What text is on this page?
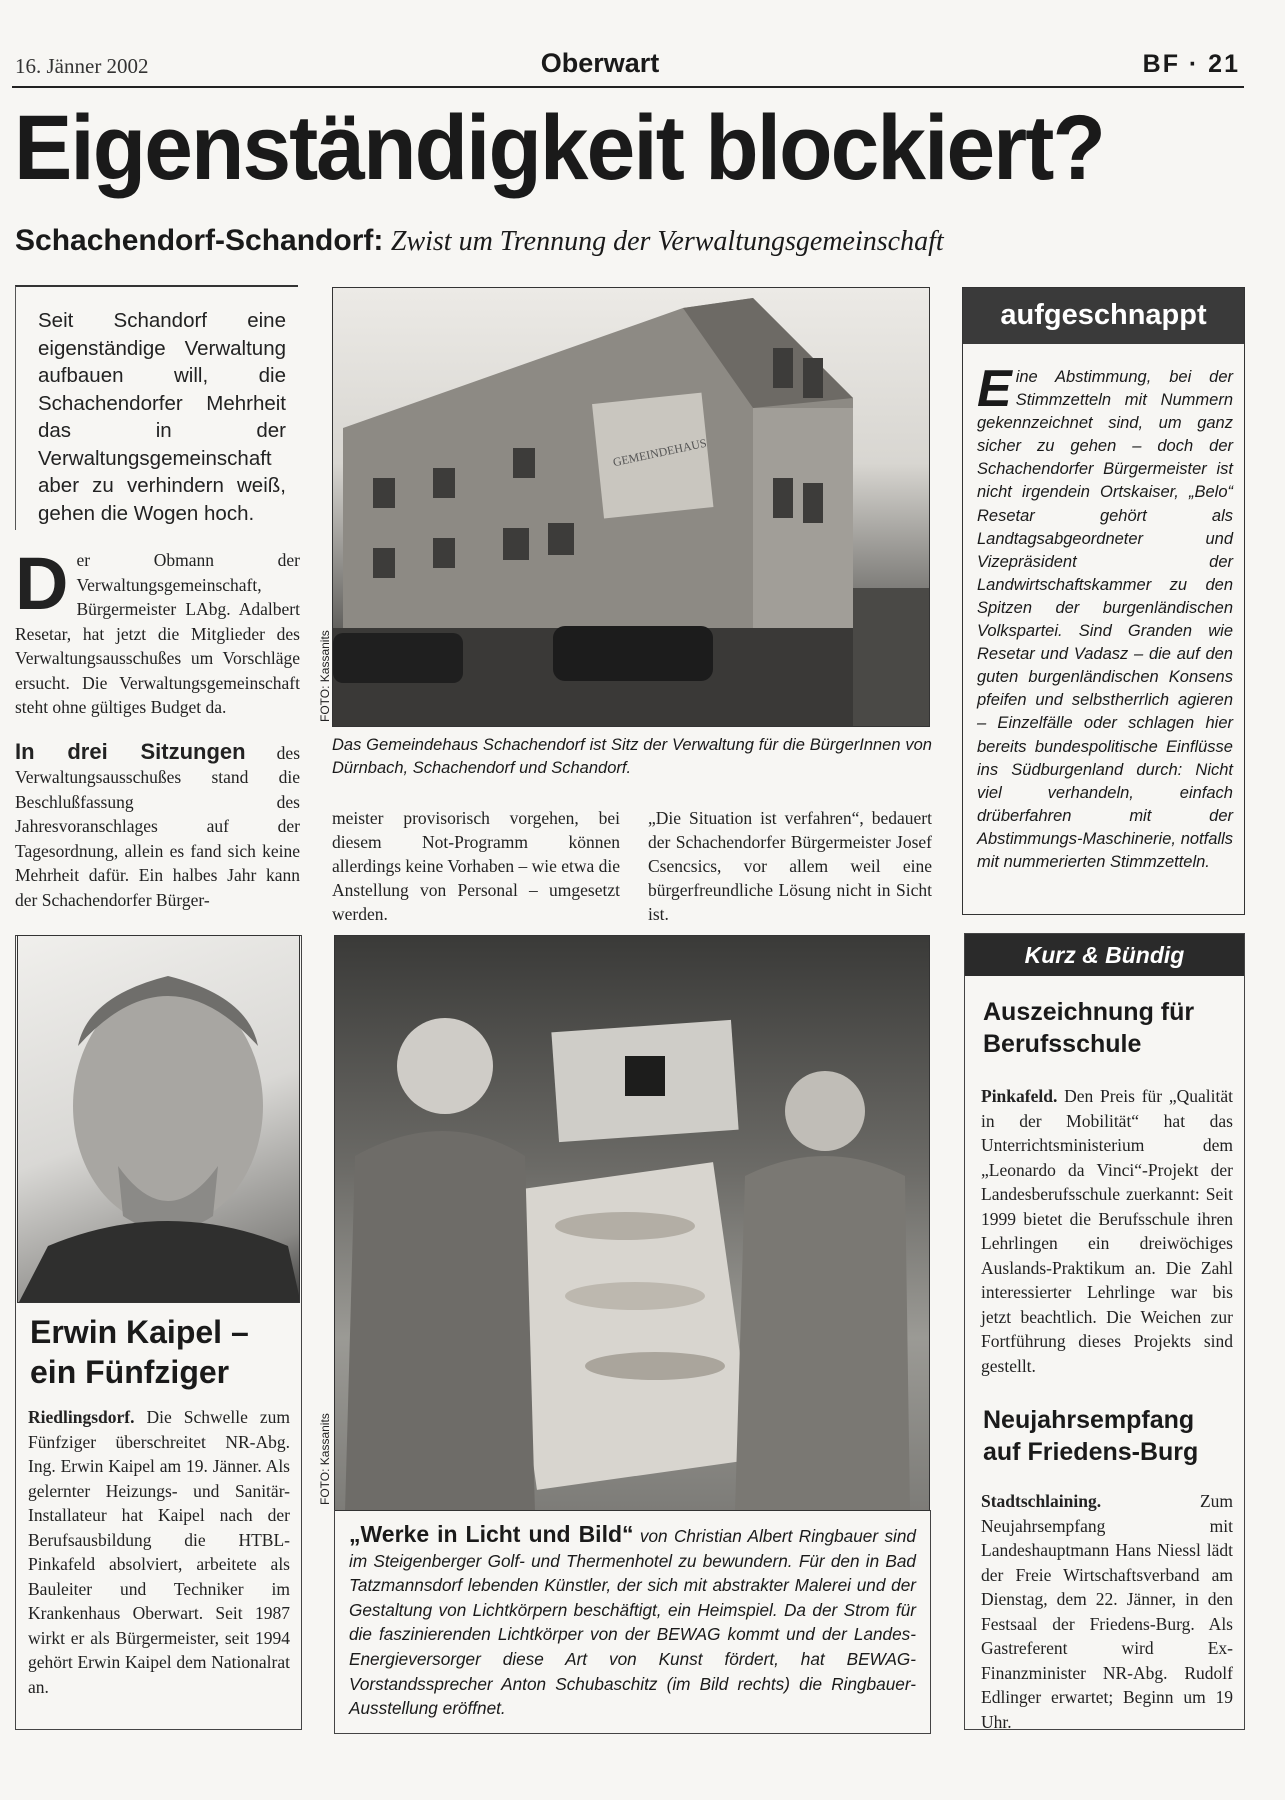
16. Jänner 2002	Oberwart	BF · 21
Eigenständigkeit blockiert?
Schachendorf-Schandorf: Zwist um Trennung der Verwaltungsgemeinschaft
Seit Schandorf eine eigenständige Verwaltung aufbauen will, die Schachendorfer Mehrheit das in der Verwaltungsgemeinschaft aber zu verhindern weiß, gehen die Wogen hoch.

Der Obmann der Verwaltungsgemeinschaft, Bürgermeister LAbg. Adalbert Resetar, hat jetzt die Mitglieder des Verwaltungsausschußes um Vorschläge ersucht. Die Verwaltungsgemeinschaft steht ohne gültiges Budget da.

In drei Sitzungen des Verwaltungsausschußes stand die Beschlußfassung des Jahresvoranschlages auf der Tagesordnung, allein es fand sich keine Mehrheit dafür. Ein halbes Jahr kann der Schachendorfer Bürger-

GEMEINDEHAUS
FOTO: Kassanits
Das Gemeindehaus Schachendorf ist Sitz der Verwaltung für die BürgerInnen von Dürnbach, Schachendorf und Schandorf.
meister provisorisch vorgehen, bei diesem Not-Programm können allerdings keine Vorhaben – wie etwa die Anstellung von Personal – umgesetzt werden.
„Die Situation ist verfahren“, bedauert der Schachendorfer Bürgermeister Josef Csencsics, vor allem weil eine bürgerfreundliche Lösung nicht in Sicht ist.
aufgeschnappt
Eine Abstimmung, bei der Stimmzetteln mit Nummern gekennzeichnet sind, um ganz sicher zu gehen – doch der Schachendorfer Bürgermeister ist nicht irgendein Ortskaiser, „Belo“ Resetar gehört als Landtagsabgeordneter und Vizepräsident der Landwirtschaftskammer zu den Spitzen der burgenländischen Volkspartei. Sind Granden wie Resetar und Vadasz – die auf den guten burgenländischen Konsens pfeifen und selbstherrlich agieren – Einzelfälle oder schlagen hier bereits bundespolitische Einflüsse ins Südburgenland durch: Nicht viel verhandeln, einfach drüberfahren mit der Abstimmungs-Maschinerie, notfalls mit nummerierten Stimmzetteln.
Erwin Kaipel – ein Fünfziger
Riedlingsdorf. Die Schwelle zum Fünfziger überschreitet NR-Abg. Ing. Erwin Kaipel am 19. Jänner. Als gelernter Heizungs- und Sanitär-Installateur hat Kaipel nach der Berufsausbildung die HTBL-Pinkafeld absolviert, arbeitete als Bauleiter und Techniker im Krankenhaus Oberwart. Seit 1987 wirkt er als Bürgermeister, seit 1994 gehört Erwin Kaipel dem Nationalrat an.
FOTO: Kassanits
„Werke in Licht und Bild“ von Christian Albert Ringbauer sind im Steigenberger Golf- und Thermenhotel zu bewundern. Für den in Bad Tatzmannsdorf lebenden Künstler, der sich mit abstrakter Malerei und der Gestaltung von Lichtkörpern beschäftigt, ein Heimspiel. Da der Strom für die faszinierenden Lichtkörper von der BEWAG kommt und der Landes-Energieversorger diese Art von Kunst fördert, hat BEWAG-Vorstandssprecher Anton Schubaschitz (im Bild rechts) die Ringbauer-Ausstellung eröffnet.
Kurz & Bündig
Auszeichnung für Berufsschule
Pinkafeld. Den Preis für „Qualität in der Mobilität“ hat das Unterrichtsministerium dem „Leonardo da Vinci“-Projekt der Landesberufsschule zuerkannt: Seit 1999 bietet die Berufsschule ihren Lehrlingen ein dreiwöchiges Auslands-Praktikum an. Die Zahl interessierter Lehrlinge war bis jetzt beachtlich. Die Weichen zur Fortführung dieses Projekts sind gestellt.
Neujahrsempfang auf Friedens-Burg
Stadtschlaining. Zum Neujahrsempfang mit Landeshauptmann Hans Niessl lädt der Freie Wirtschaftsverband am Dienstag, dem 22. Jänner, in den Festsaal der Friedens-Burg. Als Gastreferent wird Ex-Finanzminister NR-Abg. Rudolf Edlinger erwartet; Beginn um 19 Uhr.
